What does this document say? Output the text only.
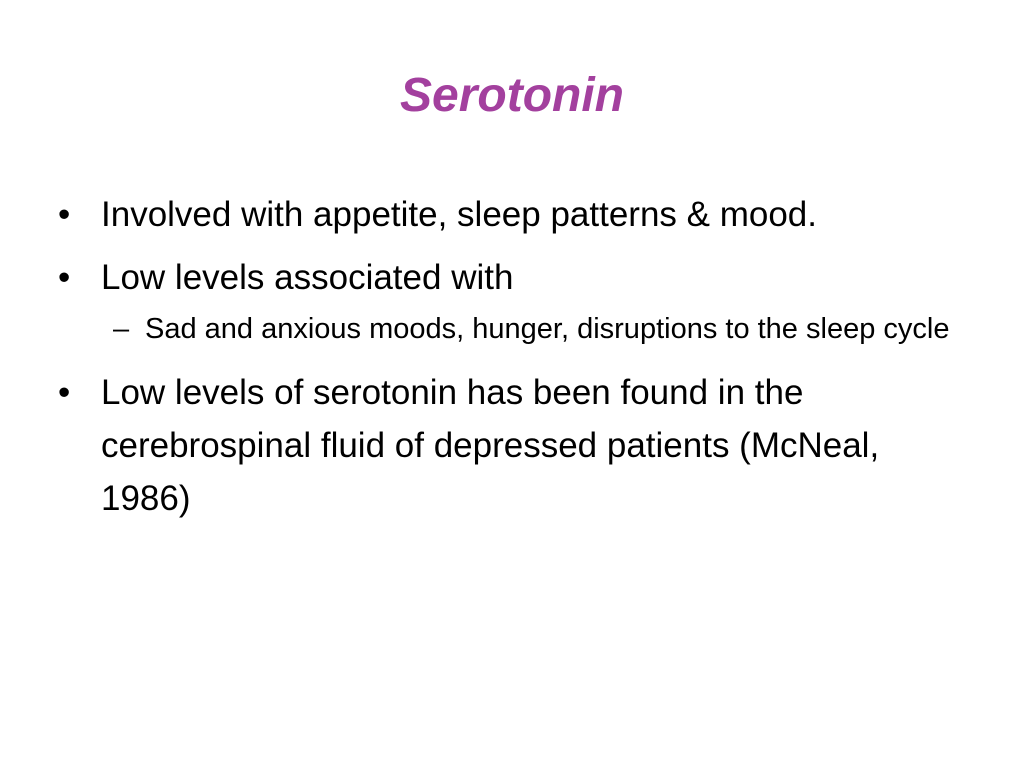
Serotonin
• Involved with appetite, sleep patterns & mood.
• Low levels associated with
– Sad and anxious moods, hunger, disruptions to the sleep cycle
• Low levels of serotonin has been found in the cerebrospinal fluid of depressed patients (McNeal, 1986)
